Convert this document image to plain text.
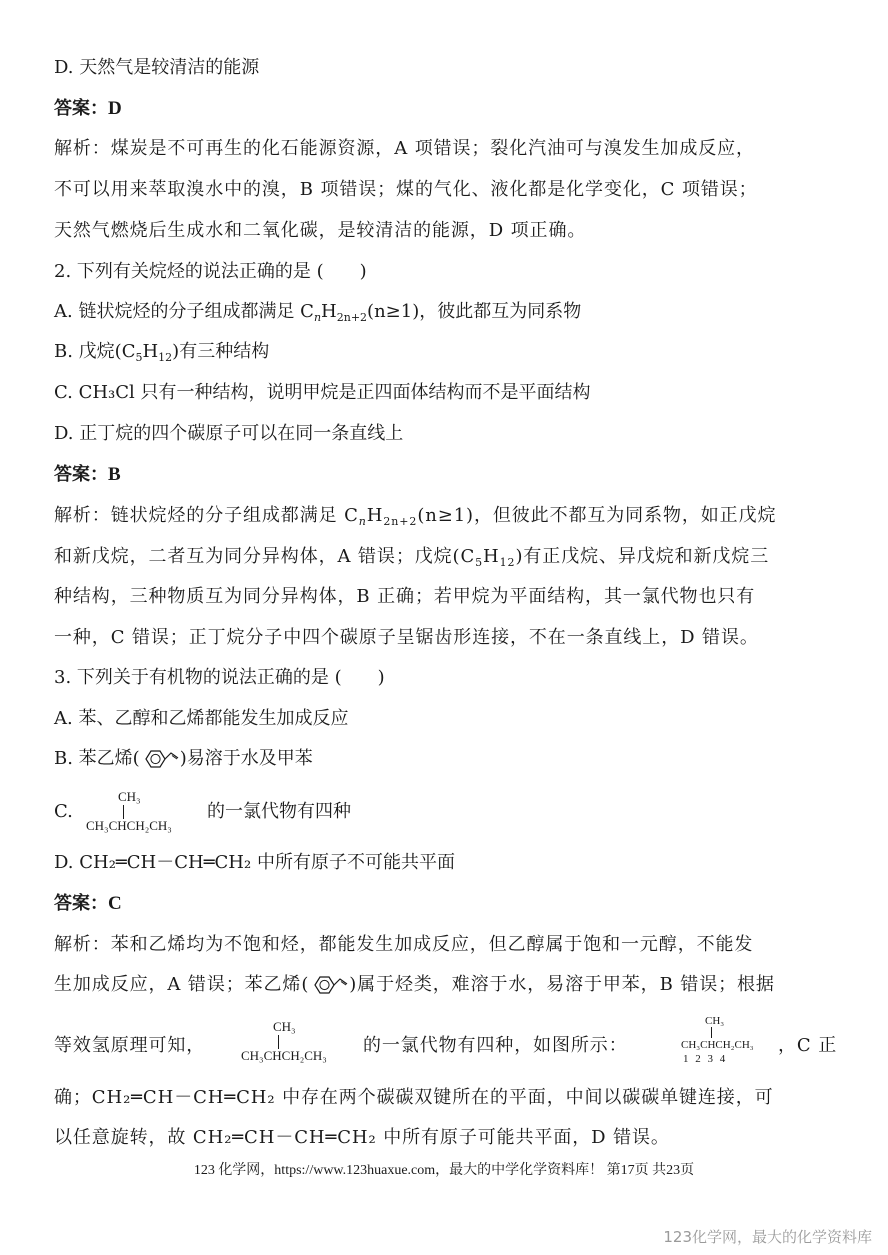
D. 天然气是较清洁的能源
答案：D
解析：煤炭是不可再生的化石能源资源，A 项错误；裂化汽油可与溴发生加成反应，
不可以用来萃取溴水中的溴，B 项错误；煤的气化、液化都是化学变化，C 项错误；
天然气燃烧后生成水和二氧化碳，是较清洁的能源，D 项正确。
2. 下列有关烷烃的说法正确的是 (　　)
A. 链状烷烃的分子组成都满足 $C_nH_{2n+2}(n\ge 1)$，彼此都互为同系物
B. 戊烷$(C_5H_{12})$有三种结构
C. CH₃Cl 只有一种结构，说明甲烷是正四面体结构而不是平面结构
D. 正丁烷的四个碳原子可以在同一条直线上
答案：B
解析：链状烷烃的分子组成都满足 $C_nH_{2n+2}(n\ge 1)$，但彼此不都互为同系物，如正戊烷
和新戊烷，二者互为同分异构体，A 错误；戊烷$(C_5H_{12})$有正戊烷、异戊烷和新戊烷三
种结构，三种物质互为同分异构体，B 正确；若甲烷为平面结构，其一氯代物也只有
一种，C 错误；正丁烷分子中四个碳原子呈锯齿形连接，不在一条直线上，D 错误。
3. 下列关于有机物的说法正确的是 (　　)
A. 苯、乙醇和乙烯都能发生加成反应
B. 苯乙烯( )易溶于水及甲苯
C.
CH₃
CH₃CHCH₂CH₃
的一氯代物有四种
D. CH₂═CH－CH═CH₂ 中所有原子不可能共平面
答案：C
解析：苯和乙烯均为不饱和烃，都能发生加成反应，但乙醇属于饱和一元醇，不能发
生加成反应，A 错误；苯乙烯( )属于烃类，难溶于水，易溶于甲苯，B 错误；根据
等效氢原理可知，
CH₃
CH₃CHCH₂CH₃ 的一氯代物有四种，如图所示：
CH₃
CH₃CHCH₂CH₃
1 2 3 4
，C 正
确；CH₂═CH－CH═CH₂ 中存在两个碳碳双键所在的平面，中间以碳碳单键连接，可
以任意旋转，故 CH₂═CH－CH═CH₂ 中所有原子可能共平面，D 错误。
123 化学网，https://www.123huaxue.com，最大的中学化学资料库！ 第17页 共23页
123化学网，最大的化学资料库
